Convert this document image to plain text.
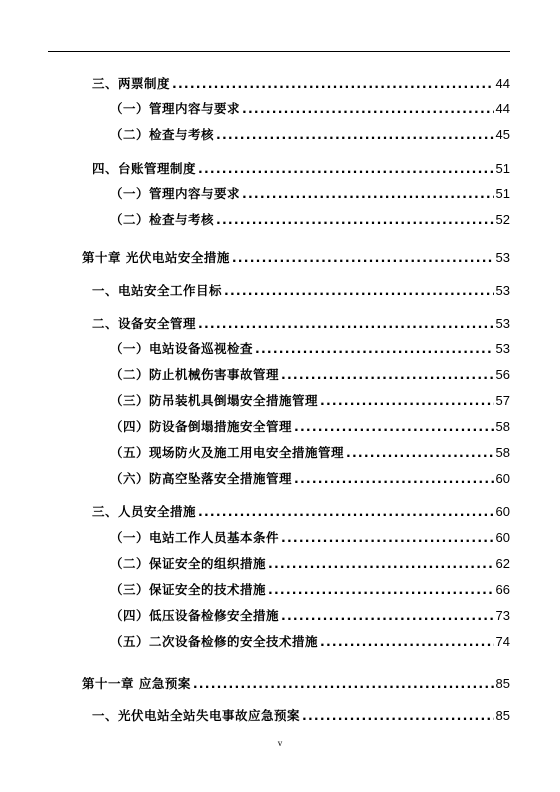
三、两票制度 .....	44
（一）管理内容与要求 .....	44
（二）检查与考核 .....	45
四、台账管理制度 .....	51
（一）管理内容与要求 .....	51
（二）检查与考核 .....	52
第十章 光伏电站安全措施 .....	53
一、电站安全工作目标 .....	53
二、设备安全管理 .....	53
（一）电站设备巡视检查 .....	53
（二）防止机械伤害事故管理 .....	56
（三）防吊装机具倒塌安全措施管理 .....	57
（四）防设备倒塌措施安全管理 .....	58
（五）现场防火及施工用电安全措施管理 .....	58
（六）防高空坠落安全措施管理 .....	60
三、人员安全措施 .....	60
（一）电站工作人员基本条件 .....	60
（二）保证安全的组织措施 .....	62
（三）保证安全的技术措施 .....	66
（四）低压设备检修安全措施 .....	73
（五）二次设备检修的安全技术措施 .....	74
第十一章 应急预案 .....	85
一、光伏电站全站失电事故应急预案 .....	85
v
